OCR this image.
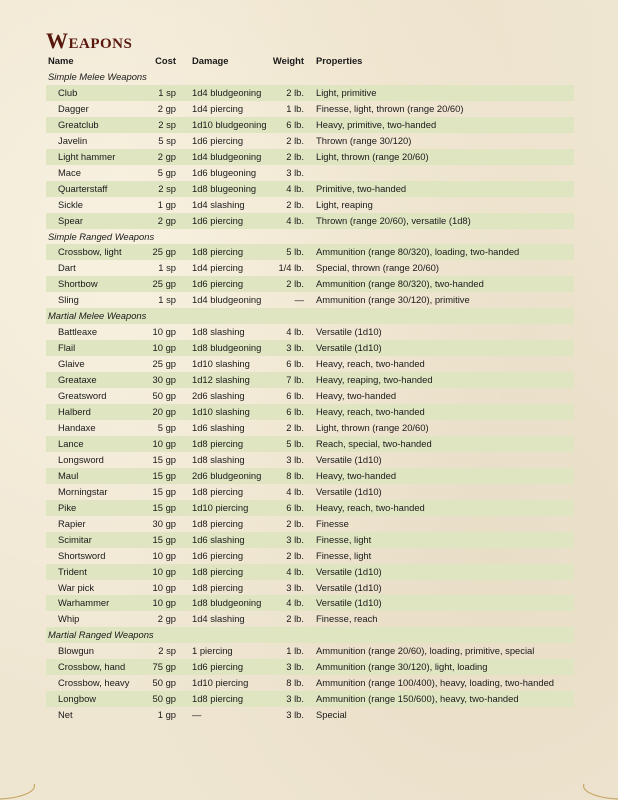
Weapons
Name	Cost	Damage	Weight	Properties
Simple Melee Weapons				
Club	1 sp	1d4 bludgeoning	2 lb.	Light, primitive
Dagger	2 gp	1d4 piercing	1 lb.	Finesse, light, thrown (range 20/60)
Greatclub	2 sp	1d10 bludgeoning	6 lb.	Heavy, primitive, two-handed
Javelin	5 sp	1d6 piercing	2 lb.	Thrown (range 30/120)
Light hammer	2 gp	1d4 bludgeoning	2 lb.	Light, thrown (range 20/60)
Mace	5 gp	1d6 blugeoning	3 lb.	
Quarterstaff	2 sp	1d8 blugeoning	4 lb.	Primitive, two-handed
Sickle	1 gp	1d4 slashing	2 lb.	Light, reaping
Spear	2 gp	1d6 piercing	4 lb.	Thrown (range 20/60), versatile (1d8)
Simple Ranged Weapons				
Crossbow, light	25 gp	1d8 piercing	5 lb.	Ammunition (range 80/320), loading, two-handed
Dart	1 sp	1d4 piercing	1/4 lb.	Special, thrown (range 20/60)
Shortbow	25 gp	1d6 piercing	2 lb.	Ammunition (range 80/320), two-handed
Sling	1 sp	1d4 bludgeoning	—	Ammunition (range 30/120), primitive
Martial Melee Weapons				
Battleaxe	10 gp	1d8 slashing	4 lb.	Versatile (1d10)
Flail	10 gp	1d8 bludgeoning	3 lb.	Versatile (1d10)
Glaive	25 gp	1d10 slashing	6 lb.	Heavy, reach, two-handed
Greataxe	30 gp	1d12 slashing	7 lb.	Heavy, reaping, two-handed
Greatsword	50 gp	2d6 slashing	6 lb.	Heavy, two-handed
Halberd	20 gp	1d10 slashing	6 lb.	Heavy, reach, two-handed
Handaxe	5 gp	1d6 slashing	2 lb.	Light, thrown (range 20/60)
Lance	10 gp	1d8 piercing	5 lb.	Reach, special, two-handed
Longsword	15 gp	1d8 slashing	3 lb.	Versatile (1d10)
Maul	15 gp	2d6 bludgeoning	8 lb.	Heavy, two-handed
Morningstar	15 gp	1d8 piercing	4 lb.	Versatile (1d10)
Pike	15 gp	1d10 piercing	6 lb.	Heavy, reach, two-handed
Rapier	30 gp	1d8 piercing	2 lb.	Finesse
Scimitar	15 gp	1d6 slashing	3 lb.	Finesse, light
Shortsword	10 gp	1d6 piercing	2 lb.	Finesse, light
Trident	10 gp	1d8 piercing	4 lb.	Versatile (1d10)
War pick	10 gp	1d8 piercing	3 lb.	Versatile (1d10)
Warhammer	10 gp	1d8 bludgeoning	4 lb.	Versatile (1d10)
Whip	2 gp	1d4 slashing	2 lb.	Finesse, reach
Martial Ranged Weapons				
Blowgun	2 sp	1 piercing	1 lb.	Ammunition (range 20/60), loading, primitive, special
Crossbow, hand	75 gp	1d6 piercing	3 lb.	Ammunition (range 30/120), light, loading
Crossbow, heavy	50 gp	1d10 piercing	8 lb.	Ammunition (range 100/400), heavy, loading, two-handed
Longbow	50 gp	1d8 piercing	3 lb.	Ammunition (range 150/600), heavy, two-handed
Net	1 gp	—	3 lb.	Special
